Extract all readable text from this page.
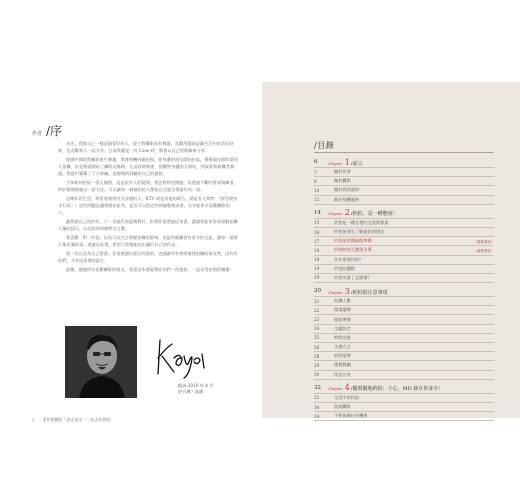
作者 /序

首先，我都自己一樣是個愛好的人，從小對攝影很有興趣，喜歡用鏡頭記錄生活中的美好時刻，也喜歡和人一起分享。日前我總是一有 Case 時，都會以自己的經驗來分享。

從國中開始對攝影產生興趣，拿著相機到處拍照，從身邊的朋友開始拍起，慢慢地也開始幫別人拍攝，於是我就開始了攝影這條路。在這段時間裡，從觀察身邊的人開始，到試著和被攝者溝通，我從中累積了不少經驗，也慢慢找到屬於自己的風格。

不知如何拍好一張人像照，這是很多人的疑問，我也曾經迷惘過，但透過不斷的嘗試與練習，終於慢慢摸索出一套方法，可以讓每一個被拍的人都能自在地呈現最好的一面。

這幾年的生活，經常會遇到各式各樣的人，KTV 或是其他的場合，總是有人問我：『要怎麼拍才好看？』這些問題也讓我開始思考，是否可以把這些經驗整理成書，分享給更多喜歡攝影的人。

雖然說自己拍的好，不一定就代表能夠教好，但我希望透過這本書，讓讀者能更容易理解拍攝人像的技巧，以及如何和模特兒互動。

我喜歡一對一約拍，因為可以完全掌握拍攝的節奏，也能和被攝者有更多的交流，讓每一張照片都充滿故事。透過這本書，希望大家都能拍出屬於自己的作品。

第一次以及為自己寫書，非常感謝出版社的協助，也感謝所有曾經被我拍攝的朋友們，因為有你們，才有這本書的誕生。

最後，感謝所有喜歡攝影的朋友，希望這本書能帶給你們一些啟發，一起享受拍照的樂趣！

凱詠 2016 年 4 月
於台灣・高雄
2 愛拍照攝影・說走就走・一起去拍照吧
/目錄
6	Chapter 1/前言
7	關於作者
8	關於攝影
10	關於我的器材
12	關於拍攝風格
14	Chapter 2/約拍，是一種態度！
15	約拍是一種互相的交流與尊重
16	約拍前要先了解彼此的想法
17	約拍前的溝通與準備	（重要事項）
18	約拍時的互動與引導	（重要事項）
18	為什麼要約拍？
19	約拍的優點
19	約拍失敗了怎麼辦？
20	Chapter 3/約拍的注意事項
21	拍攝人數
22	場地選擇
23	服裝準備
24	主題設定
25	時間安排
26	交通方式
28	拍照姿勢
29	後製修圖
30	作品分享
32	Chapter 4/隨時隨地約拍：小心，MD 就在你身旁！
33	生活中的約拍
34	街頭攝影
34	不要放棄任何機會
